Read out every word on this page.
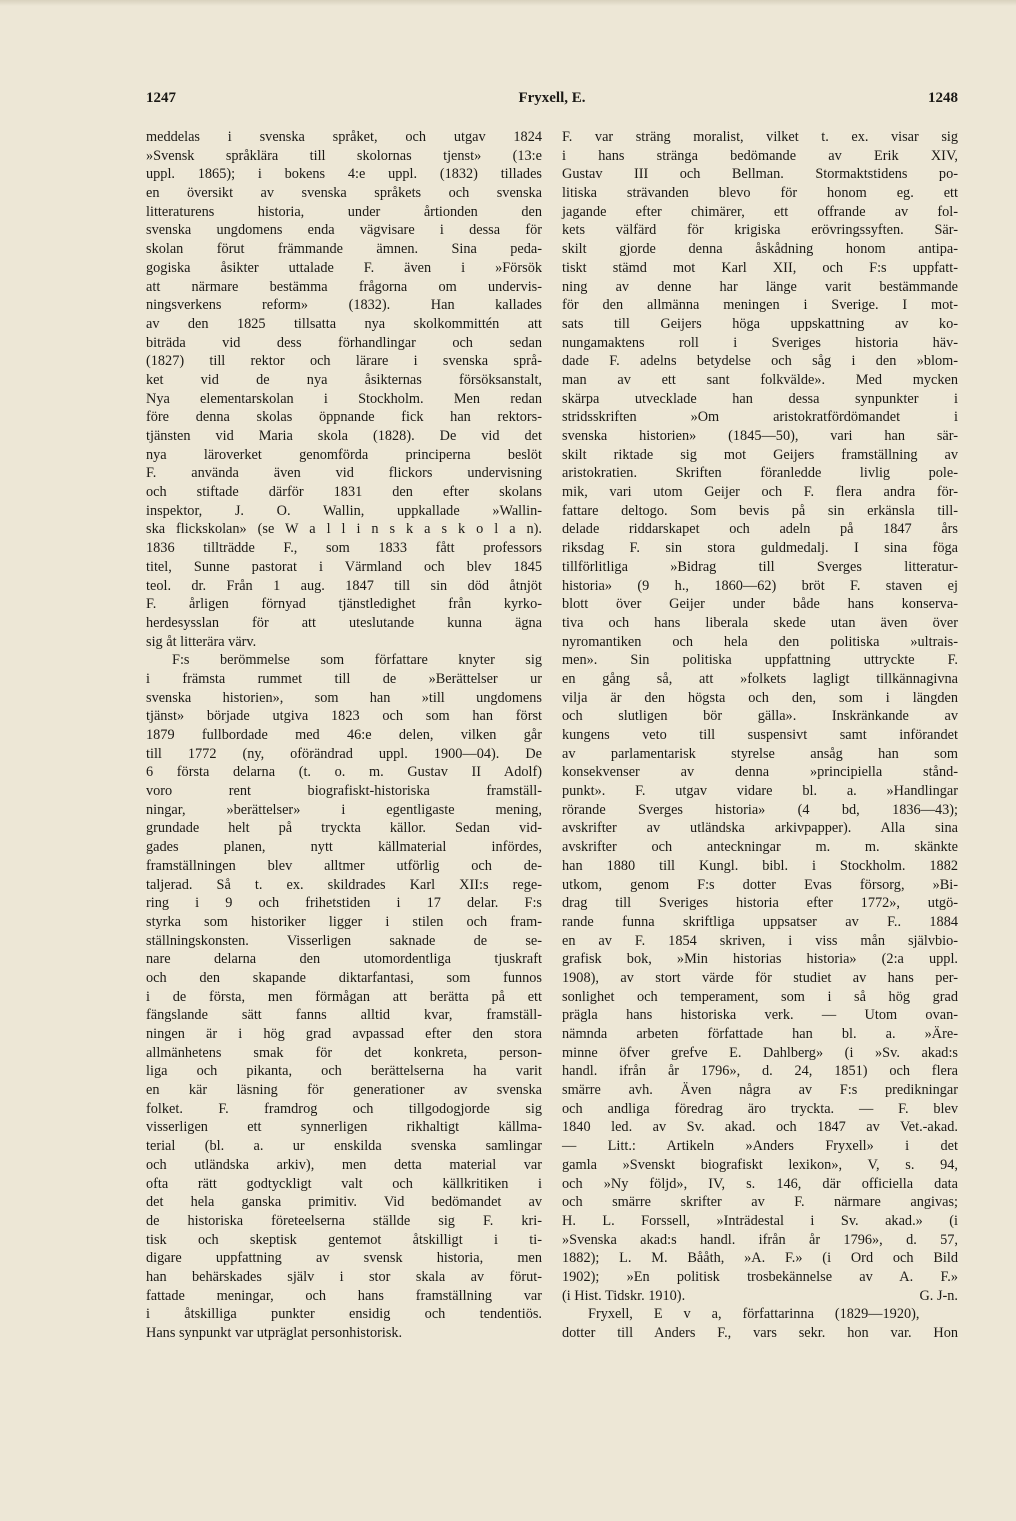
1247	Fryxell, E.	1248
meddelas i svenska språket, och utgav 1824
»Svensk språklära till skolornas tjenst» (13:e
uppl. 1865); i bokens 4:e uppl. (1832) tillades
en översikt av svenska språkets och svenska
litteraturens historia, under årtionden den
svenska ungdomens enda vägvisare i dessa för
skolan förut främmande ämnen. Sina peda-
gogiska åsikter uttalade F. även i »Försök
att närmare bestämma frågorna om undervis-
ningsverkens reform» (1832). Han kallades
av den 1825 tillsatta nya skolkommittén att
biträda vid dess förhandlingar och sedan
(1827) till rektor och lärare i svenska språ-
ket vid de nya åsikternas försöksanstalt,
Nya elementarskolan i Stockholm. Men redan
före denna skolas öppnande fick han rektors-
tjänsten vid Maria skola (1828). De vid det
nya läroverket genomförda principerna beslöt
F. använda även vid flickors undervisning
och stiftade därför 1831 den efter skolans
inspektor, J. O. Wallin, uppkallade »Wallin-
ska flickskolan» (se W a l l i n s k a s k o l a n).
1836 tillträdde F., som 1833 fått professors
titel, Sunne pastorat i Värmland och blev 1845
teol. dr. Från 1 aug. 1847 till sin död åtnjöt
F. årligen förnyad tjänstledighet från kyrko-
herdesysslan för att uteslutande kunna ägna
sig åt litterära värv.
F:s berömmelse som författare knyter sig
i främsta rummet till de »Berättelser ur
svenska historien», som han »till ungdomens
tjänst» började utgiva 1823 och som han först
1879 fullbordade med 46:e delen, vilken går
till 1772 (ny, oförändrad uppl. 1900—04). De
6 första delarna (t. o. m. Gustav II Adolf)
voro rent biografiskt-historiska framställ-
ningar, »berättelser» i egentligaste mening,
grundade helt på tryckta källor. Sedan vid-
gades planen, nytt källmaterial infördes,
framställningen blev alltmer utförlig och de-
taljerad. Så t. ex. skildrades Karl XII:s rege-
ring i 9 och frihetstiden i 17 delar. F:s
styrka som historiker ligger i stilen och fram-
ställningskonsten. Visserligen saknade de se-
nare delarna den utomordentliga tjuskraft
och den skapande diktarfantasi, som funnos
i de första, men förmågan att berätta på ett
fängslande sätt fanns alltid kvar, framställ-
ningen är i hög grad avpassad efter den stora
allmänhetens smak för det konkreta, person-
liga och pikanta, och berättelserna ha varit
en kär läsning för generationer av svenska
folket. F. framdrog och tillgodogjorde sig
visserligen ett synnerligen rikhaltigt källma-
terial (bl. a. ur enskilda svenska samlingar
och utländska arkiv), men detta material var
ofta rätt godtyckligt valt och källkritiken i
det hela ganska primitiv. Vid bedömandet av
de historiska företeelserna ställde sig F. kri-
tisk och skeptisk gentemot åtskilligt i ti-
digare uppfattning av svensk historia, men
han behärskades själv i stor skala av förut-
fattade meningar, och hans framställning var
i åtskilliga punkter ensidig och tendentiös.
Hans synpunkt var utpräglat personhistorisk.
F. var sträng moralist, vilket t. ex. visar sig
i hans stränga bedömande av Erik XIV,
Gustav III och Bellman. Stormaktstidens po-
litiska strävanden blevo för honom eg. ett
jagande efter chimärer, ett offrande av fol-
kets välfärd för krigiska erövringssyften. Sär-
skilt gjorde denna åskådning honom antipa-
tiskt stämd mot Karl XII, och F:s uppfatt-
ning av denne har länge varit bestämmande
för den allmänna meningen i Sverige. I mot-
sats till Geijers höga uppskattning av ko-
nungamaktens roll i Sveriges historia häv-
dade F. adelns betydelse och såg i den »blom-
man av ett sant folkvälde». Med mycken
skärpa utvecklade han dessa synpunkter i
stridsskriften »Om aristokratfördömandet i
svenska historien» (1845—50), vari han sär-
skilt riktade sig mot Geijers framställning av
aristokratien. Skriften föranledde livlig pole-
mik, vari utom Geijer och F. flera andra för-
fattare deltogo. Som bevis på sin erkänsla till-
delade riddarskapet och adeln på 1847 års
riksdag F. sin stora guldmedalj. I sina föga
tillförlitliga »Bidrag till Sverges litteratur-
historia» (9 h., 1860—62) bröt F. staven ej
blott över Geijer under både hans konserva-
tiva och hans liberala skede utan även över
nyromantiken och hela den politiska »ultrais-
men». Sin politiska uppfattning uttryckte F.
en gång så, att »folkets lagligt tillkännagivna
vilja är den högsta och den, som i längden
och slutligen bör gälla». Inskränkande av
kungens veto till suspensivt samt införandet
av parlamentarisk styrelse ansåg han som
konsekvenser av denna »principiella stånd-
punkt». F. utgav vidare bl. a. »Handlingar
rörande Sverges historia» (4 bd, 1836—43);
avskrifter av utländska arkivpapper). Alla sina
avskrifter och anteckningar m. m. skänkte
han 1880 till Kungl. bibl. i Stockholm. 1882
utkom, genom F:s dotter Evas försorg, »Bi-
drag till Sveriges historia efter 1772», utgö-
rande funna skriftliga uppsatser av F.. 1884
en av F. 1854 skriven, i viss mån självbio-
grafisk bok, »Min historias historia» (2:a uppl.
1908), av stort värde för studiet av hans per-
sonlighet och temperament, som i så hög grad
prägla hans historiska verk. — Utom ovan-
nämnda arbeten författade han bl. a. »Äre-
minne öfver grefve E. Dahlberg» (i »Sv. akad:s
handl. ifrån år 1796», d. 24, 1851) och flera
smärre avh. Även några av F:s predikningar
och andliga föredrag äro tryckta. — F. blev
1840 led. av Sv. akad. och 1847 av Vet.-akad.
— Litt.: Artikeln »Anders Fryxell» i det
gamla »Svenskt biografiskt lexikon», V, s. 94,
och »Ny följd», IV, s. 146, där officiella data
och smärre skrifter av F. närmare angivas;
H. L. Forssell, »Inträdestal i Sv. akad.» (i
»Svenska akad:s handl. ifrån år 1796», d. 57,
1882); L. M. Bååth, »A. F.» (i Ord och Bild
1902); »En politisk trosbekännelse av A. F.»
(i Hist. Tidskr. 1910).	G. J-n.
Fryxell, E v a, författarinna (1829—1920),
dotter till Anders F., vars sekr. hon var. Hon
